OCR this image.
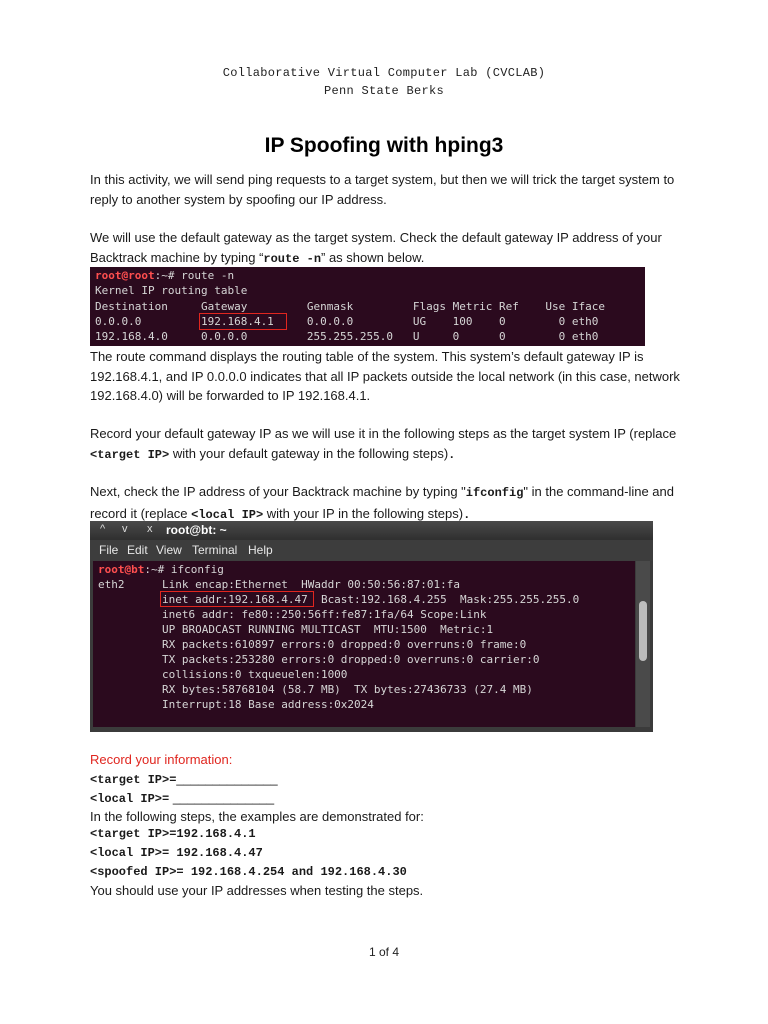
Collaborative Virtual Computer Lab (CVCLAB)
Penn State Berks
IP Spoofing with hping3
In this activity, we will send ping requests to a target system, but then we will trick the target system to reply to another system by spoofing our IP address.
We will use the default gateway as the target system. Check the default gateway IP address of your Backtrack machine by typing “route -n” as shown below.
root@root:~# route -n
Kernel IP routing table
Destination     Gateway         Genmask         Flags Metric Ref    Use Iface
0.0.0.0         192.168.4.1     0.0.0.0         UG    100    0        0 eth0
192.168.4.0     0.0.0.0         255.255.255.0   U     0      0        0 eth0
The route command displays the routing table of the system. This system’s default gateway IP is 192.168.4.1, and IP 0.0.0.0 indicates that all IP packets outside the local network (in this case, network 192.168.4.0) will be forwarded to IP 192.168.4.1.
Record your default gateway IP as we will use it in the following steps as the target system IP (replace <target IP> with your default gateway in the following steps).
Next, check the IP address of your Backtrack machine by typing "ifconfig" in the command-line and record it (replace <local IP> with your IP in the following steps).
^ v x root@bt: ~
File Edit View Terminal Help
root@bt:~# ifconfig
eth2	Link encap:Ethernet  HWaddr 00:50:56:87:01:fa
inet addr:192.168.4.47  Bcast:192.168.4.255  Mask:255.255.255.0
inet6 addr: fe80::250:56ff:fe87:1fa/64 Scope:Link
UP BROADCAST RUNNING MULTICAST  MTU:1500  Metric:1
RX packets:610897 errors:0 dropped:0 overruns:0 frame:0
TX packets:253280 errors:0 dropped:0 overruns:0 carrier:0
collisions:0 txqueuelen:1000
RX bytes:58768104 (58.7 MB)  TX bytes:27436733 (27.4 MB)
Interrupt:18 Base address:0x2024
Record your information:
<target IP>=______________
<local IP>= ______________
In the following steps, the examples are demonstrated for:
<target IP>=192.168.4.1
<local IP>= 192.168.4.47
<spoofed IP>= 192.168.4.254 and 192.168.4.30
You should use your IP addresses when testing the steps.
1 of 4
